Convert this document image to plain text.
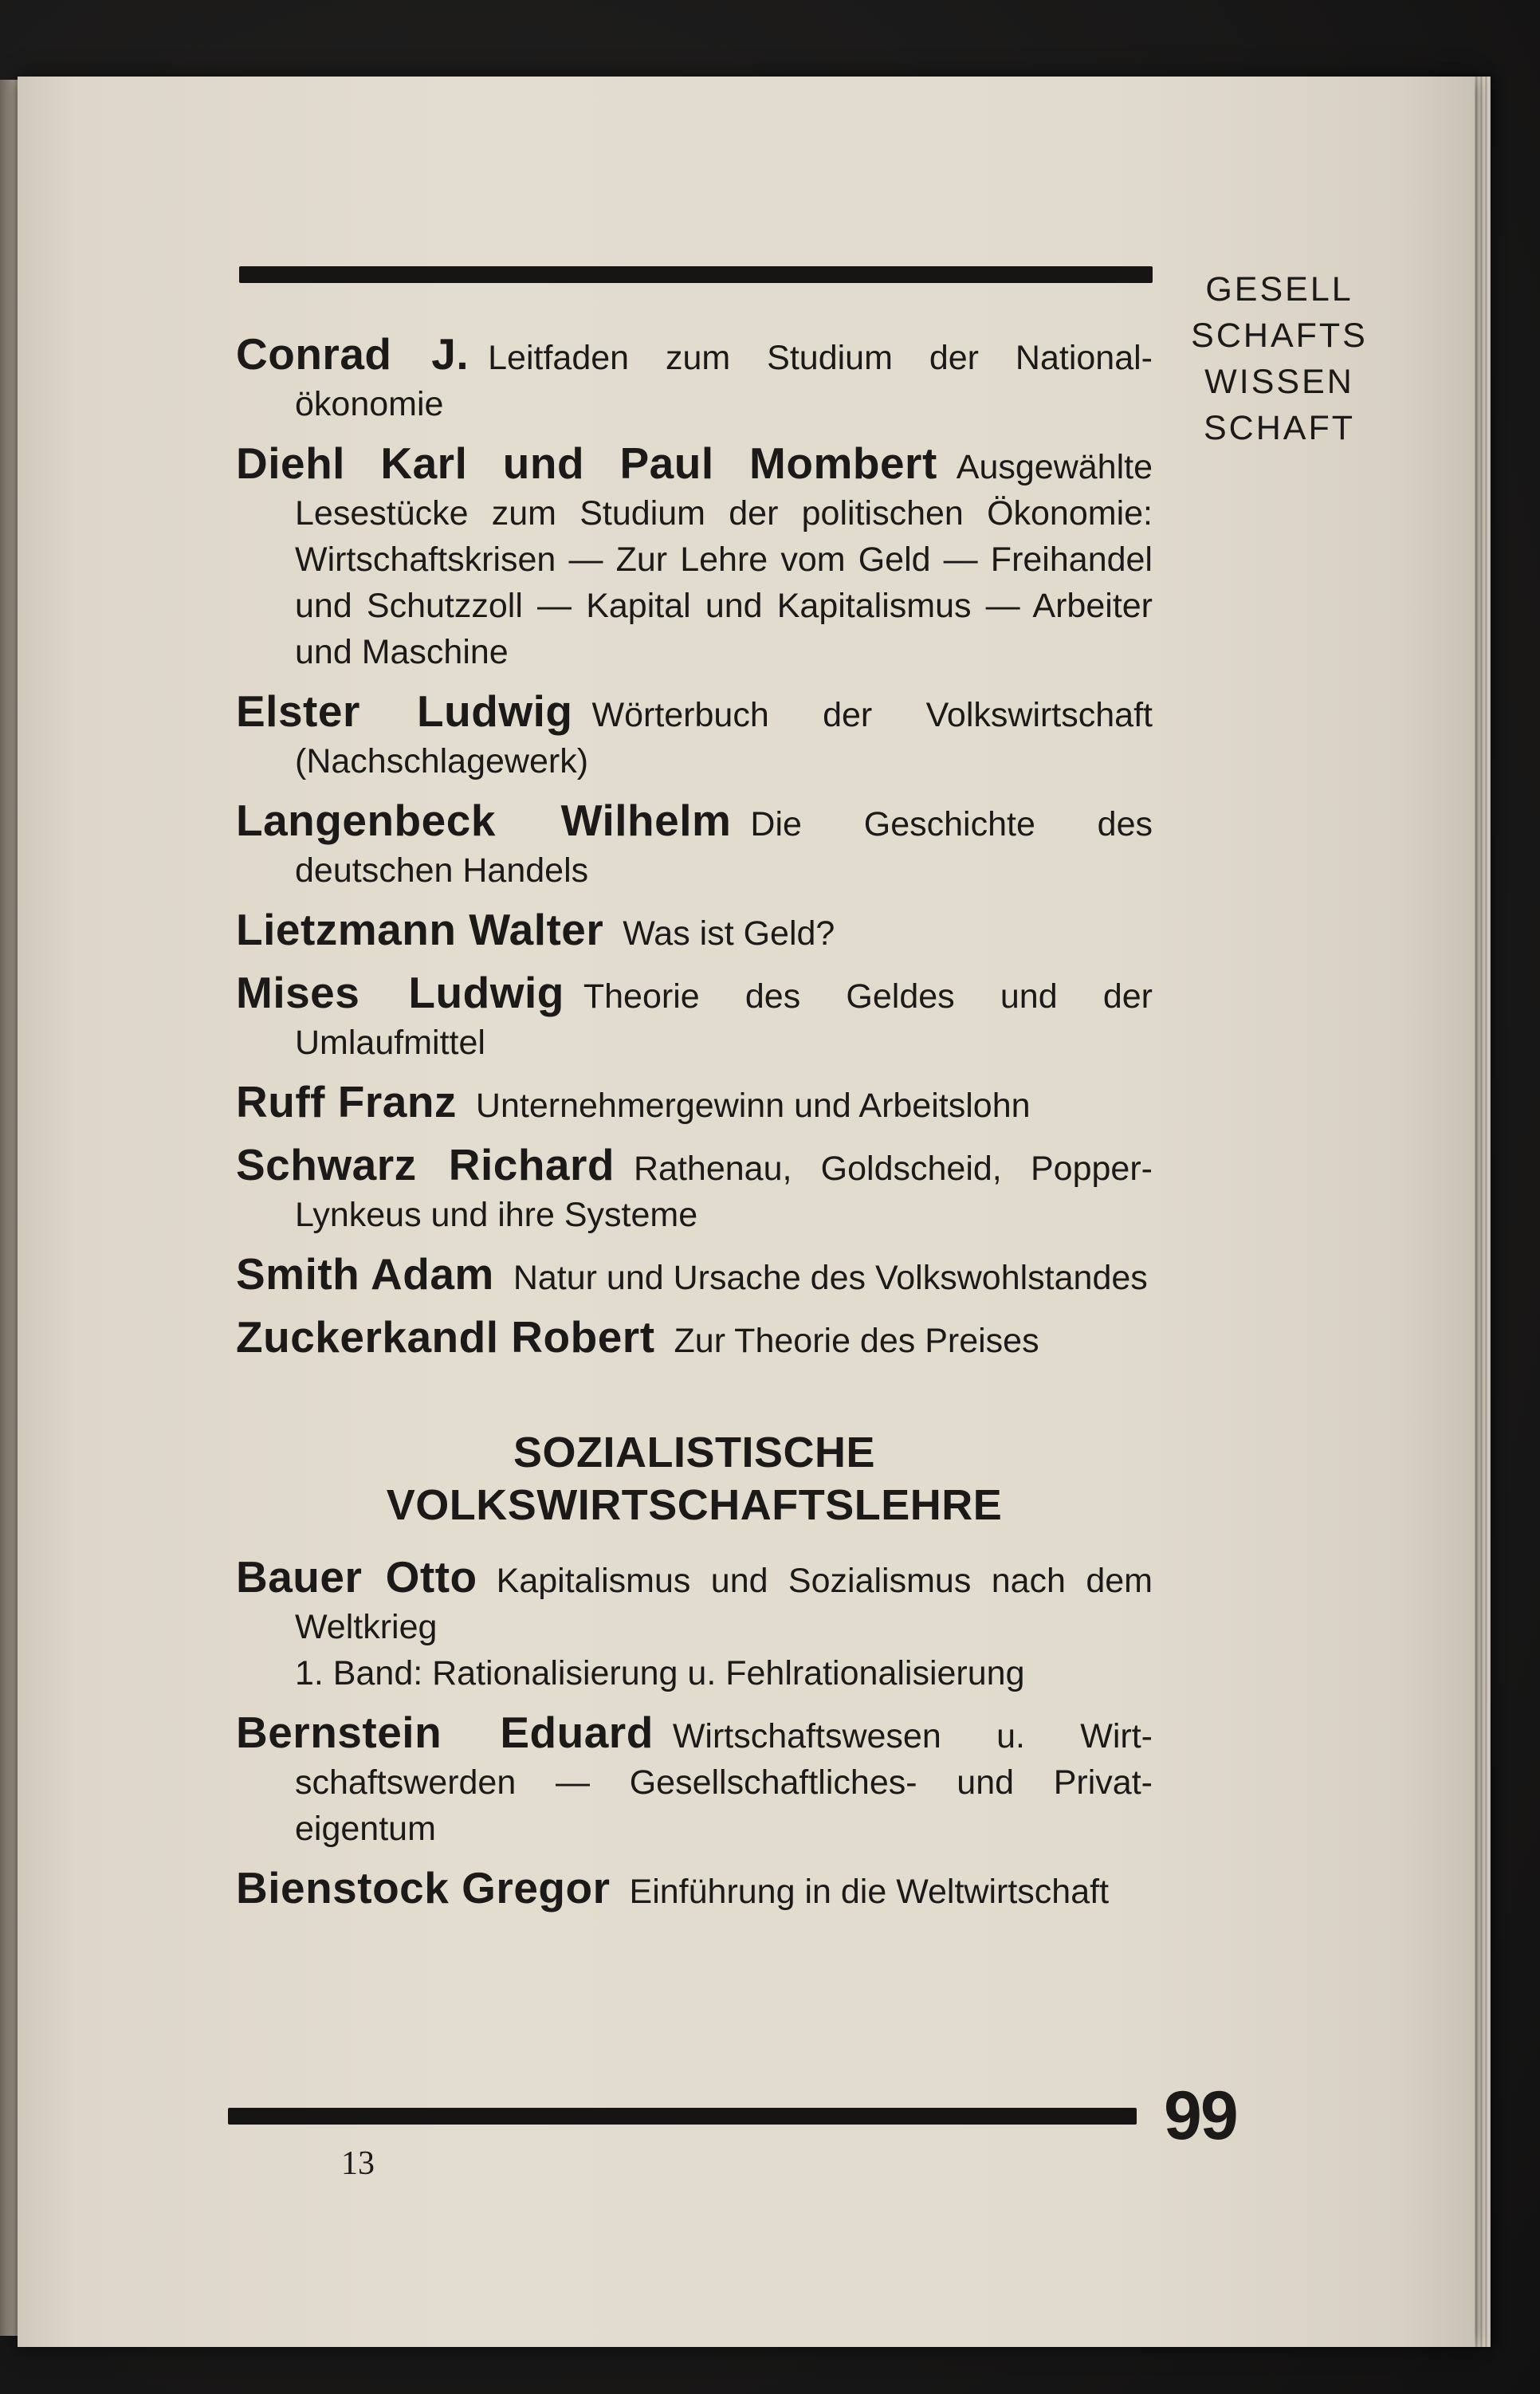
GESELL
SCHAFTS
WISSEN
SCHAFT
Conrad J. Leitfaden zum Studium der Nationalökonomie
Diehl Karl und Paul Mombert Ausgewählte Lesestücke zum Studium der politischen Ökonomie: Wirtschaftskrisen — Zur Lehre vom Geld — Freihandel und Schutzzoll — Kapital und Kapitalismus — Arbeiter und Maschine
Elster Ludwig Wörterbuch der Volkswirtschaft (Nachschlagewerk)
Langenbeck Wilhelm Die Geschichte des deutschen Handels
Lietzmann Walter Was ist Geld?
Mises Ludwig Theorie des Geldes und der Umlaufmittel
Ruff Franz Unternehmergewinn und Arbeitslohn
Schwarz Richard Rathenau, Goldscheid, Popper-Lynkeus und ihre Systeme
Smith Adam Natur und Ursache des Volkswohlstandes
Zuckerkandl Robert Zur Theorie des Preises
SOZIALISTISCHE
VOLKSWIRTSCHAFTSLEHRE
Bauer Otto Kapitalismus und Sozialismus nach dem Weltkrieg
1. Band: Rationalisierung u. Fehlrationalisierung
Bernstein Eduard Wirtschaftswesen u. Wirtschaftswerden — Gesellschaftliches- und Privateigentum
Bienstock Gregor Einführung in die Weltwirtschaft
99
13
